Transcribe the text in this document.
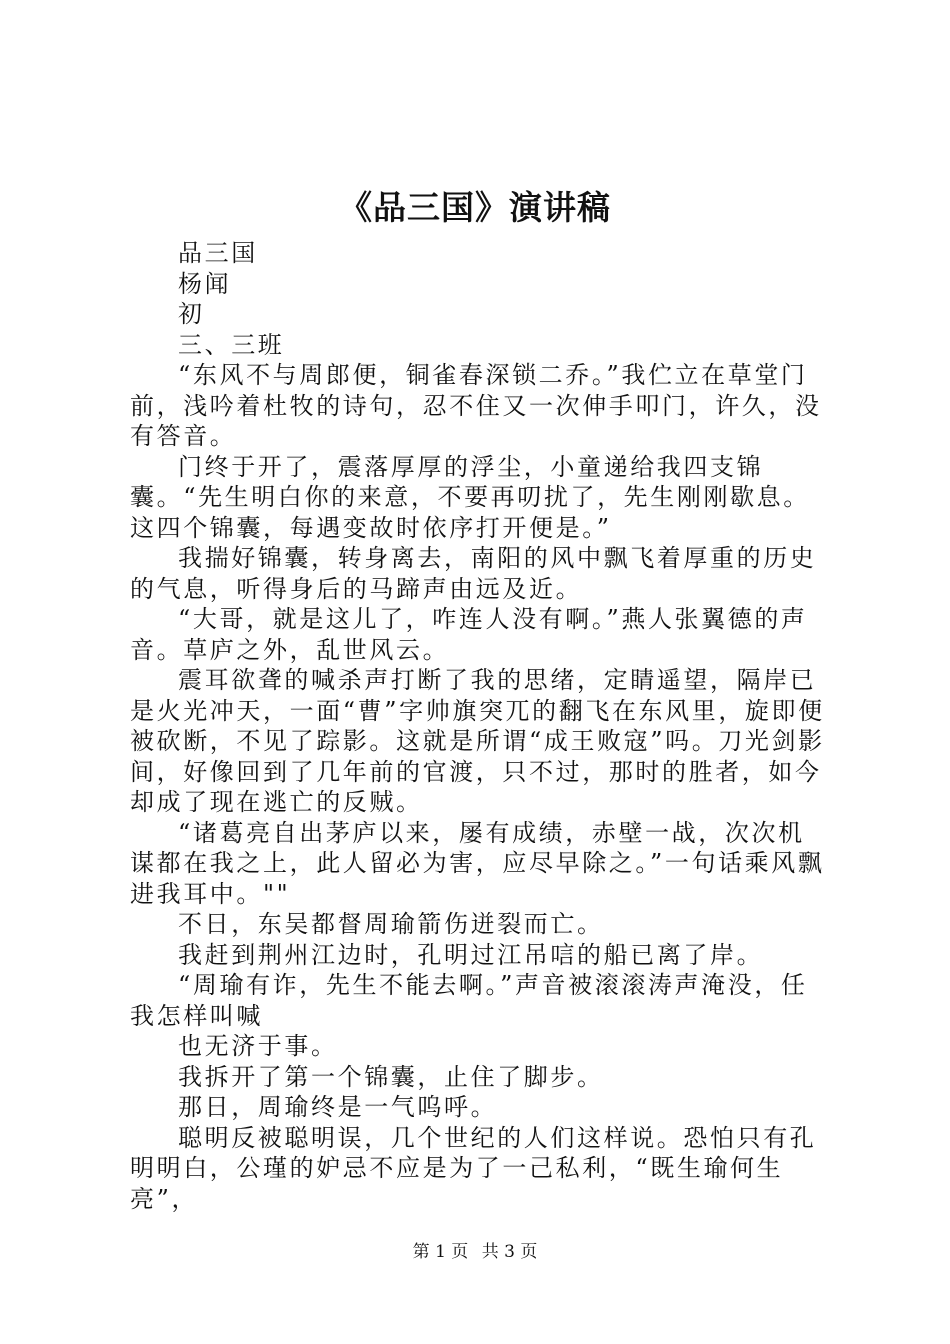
《品三国》演讲稿

品三国

杨闻

初

三、三班

“东风不与周郎便，铜雀春深锁二乔。”我伫立在草堂门前，浅吟着杜牧的诗句，忍不住又一次伸手叩门，许久，没有答音。

门终于开了，震落厚厚的浮尘，小童递给我四支锦囊。“先生明白你的来意，不要再叨扰了，先生刚刚歇息。这四个锦囊，每遇变故时依序打开便是。”

我揣好锦囊，转身离去，南阳的风中飘飞着厚重的历史的气息，听得身后的马蹄声由远及近。

“大哥，就是这儿了，咋连人没有啊。”燕人张翼德的声音。草庐之外，乱世风云。

震耳欲聋的喊杀声打断了我的思绪，定睛遥望，隔岸已是火光冲天，一面“曹”字帅旗突兀的翻飞在东风里，旋即便被砍断，不见了踪影。这就是所谓“成王败寇”吗。刀光剑影间，好像回到了几年前的官渡，只不过，那时的胜者，如今却成了现在逃亡的反贼。

“诸葛亮自出茅庐以来，屡有成绩，赤壁一战，次次机谋都在我之上，此人留必为害，应尽早除之。”一句话乘风飘进我耳中。""

不日，东吴都督周瑜箭伤迸裂而亡。

我赶到荆州江边时，孔明过江吊唁的船已离了岸。

“周瑜有诈，先生不能去啊。”声音被滚滚涛声淹没，任我怎样叫喊

也无济于事。

我拆开了第一个锦囊，止住了脚步。

那日，周瑜终是一气呜呼。

聪明反被聪明误，几个世纪的人们这样说。恐怕只有孔明明白，公瑾的妒忌不应是为了一己私利，“既生瑜何生亮”，

第 1 页 共 3 页
